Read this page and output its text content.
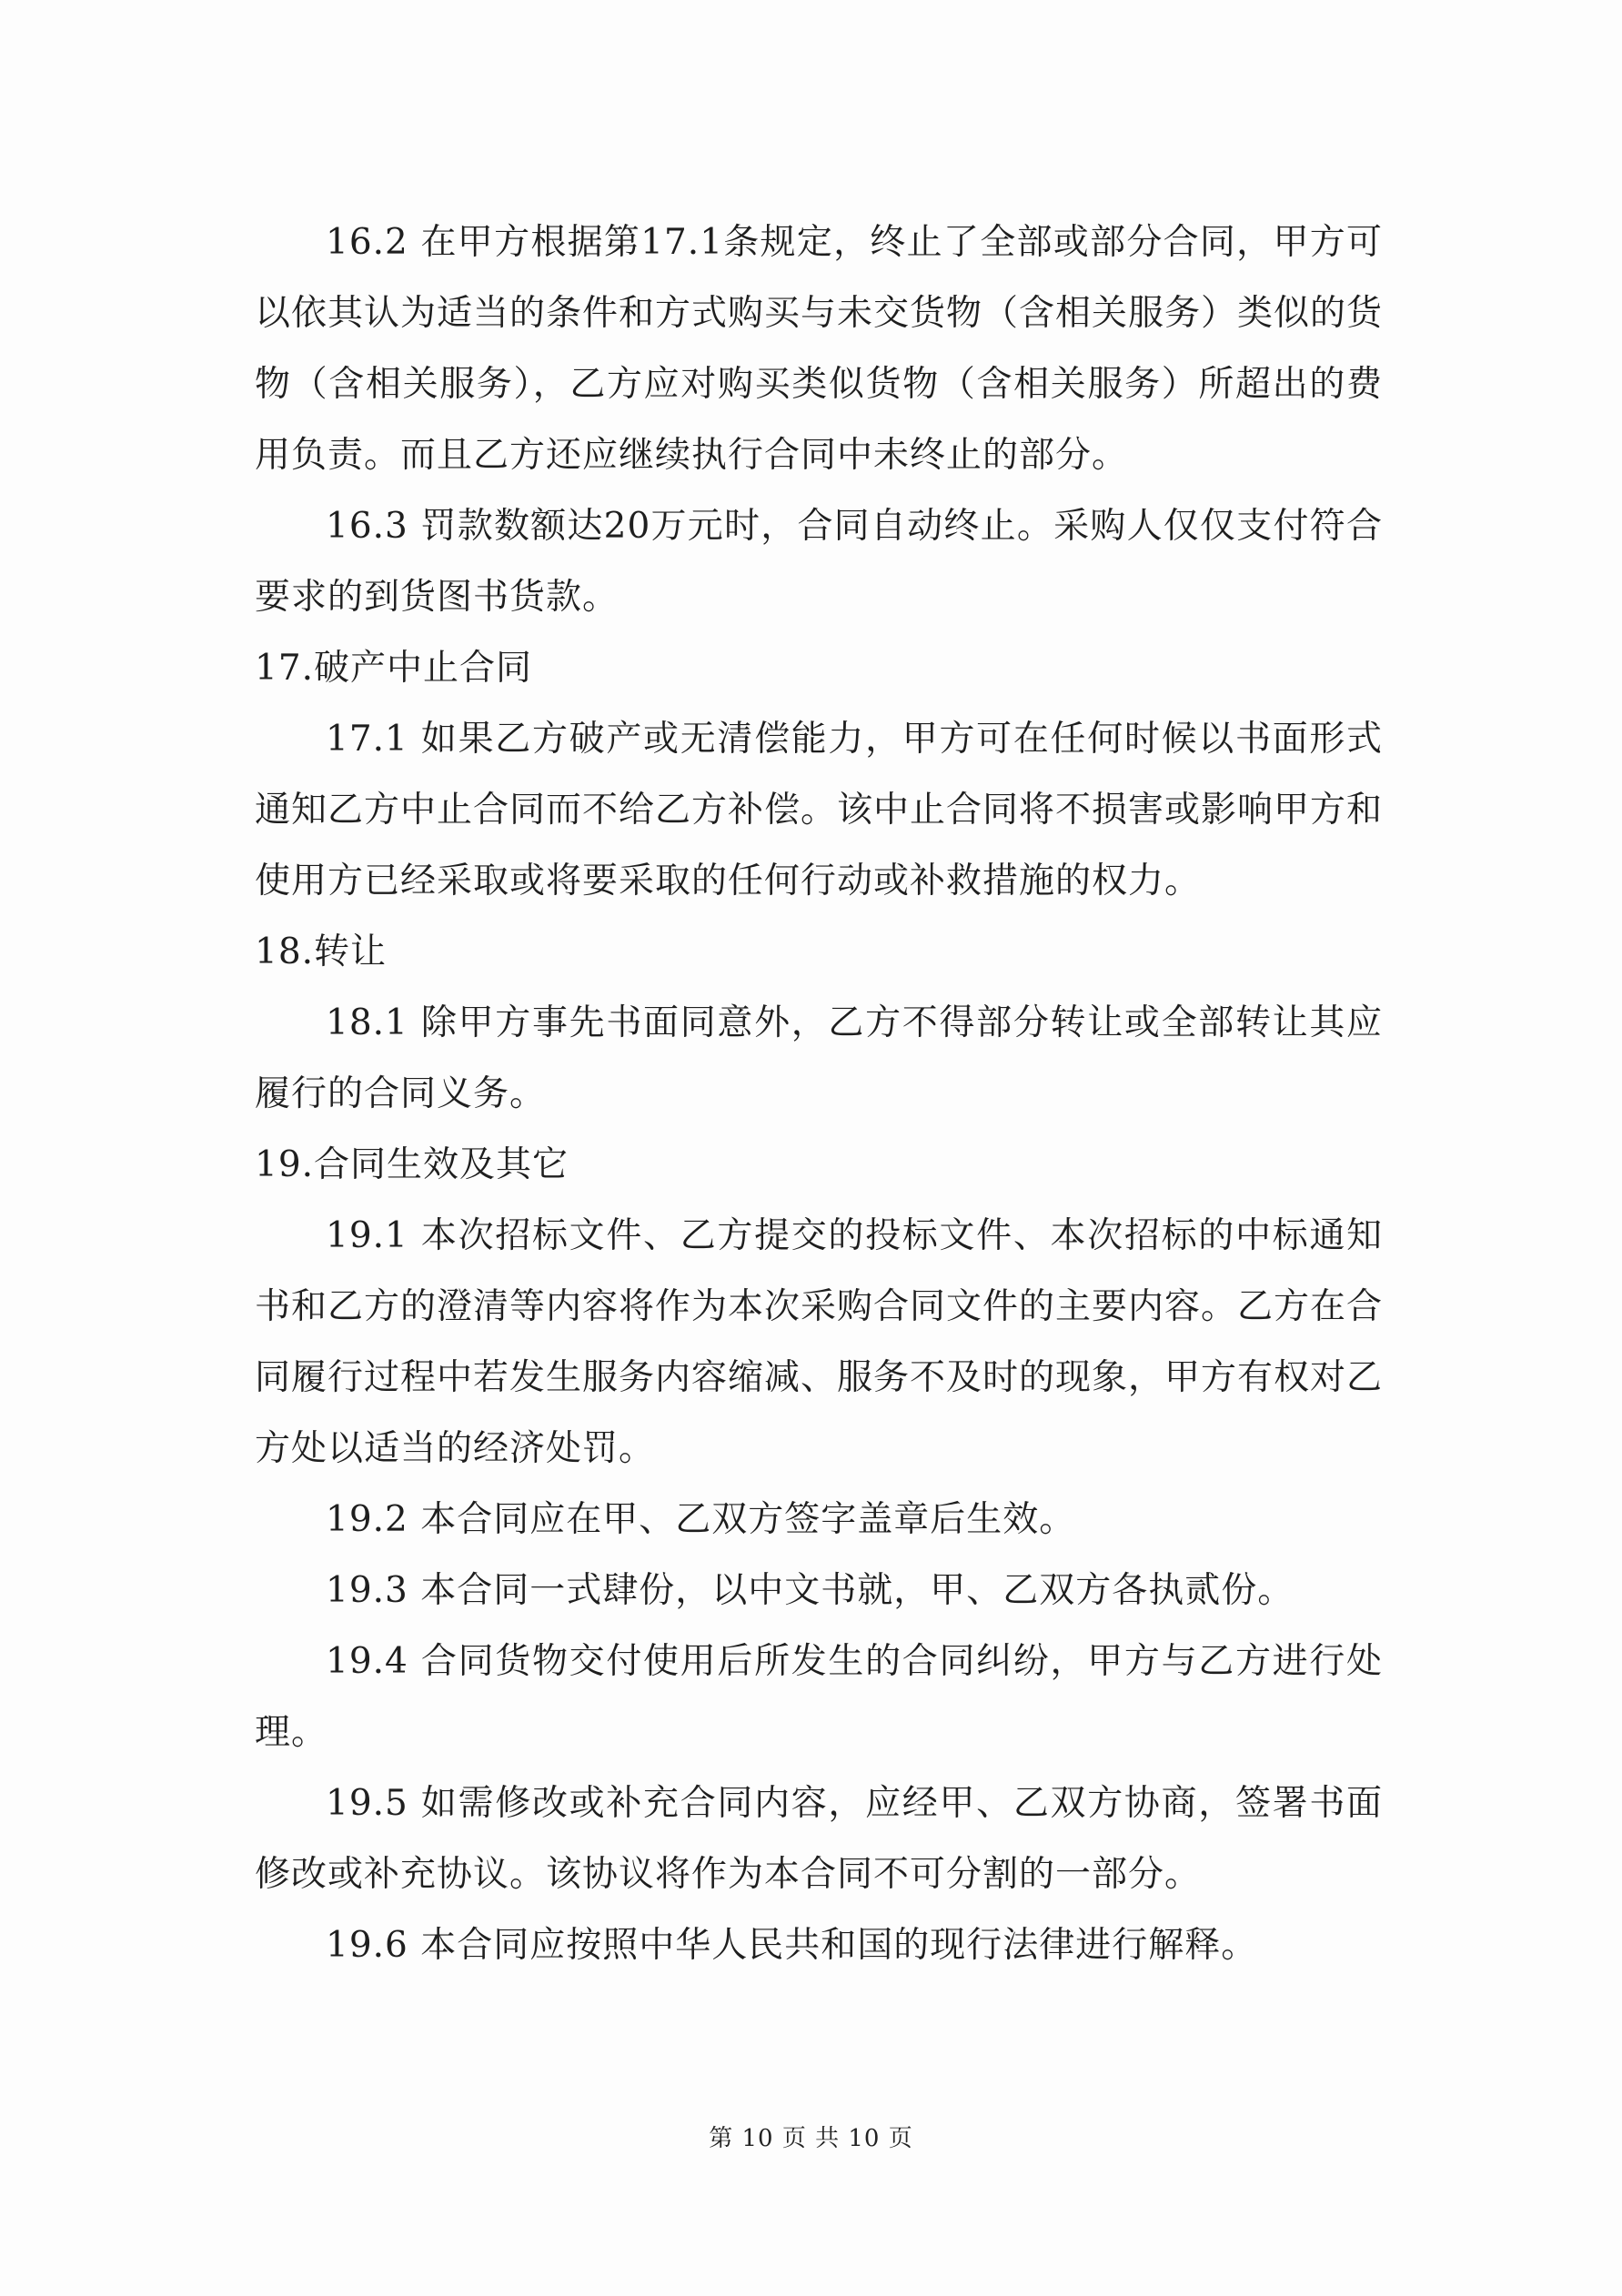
16.2 在甲方根据第17.1条规定，终止了全部或部分合同，甲方可以依其认为适当的条件和方式购买与未交货物（含相关服务）类似的货物（含相关服务），乙方应对购买类似货物（含相关服务）所超出的费用负责。而且乙方还应继续执行合同中未终止的部分。

16.3 罚款数额达20万元时，合同自动终止。采购人仅仅支付符合要求的到货图书货款。

17.破产中止合同

17.1 如果乙方破产或无清偿能力，甲方可在任何时候以书面形式通知乙方中止合同而不给乙方补偿。该中止合同将不损害或影响甲方和使用方已经采取或将要采取的任何行动或补救措施的权力。

18.转让

18.1 除甲方事先书面同意外，乙方不得部分转让或全部转让其应履行的合同义务。

19.合同生效及其它

19.1 本次招标文件、乙方提交的投标文件、本次招标的中标通知书和乙方的澄清等内容将作为本次采购合同文件的主要内容。乙方在合同履行过程中若发生服务内容缩减、服务不及时的现象，甲方有权对乙方处以适当的经济处罚。

19.2 本合同应在甲、乙双方签字盖章后生效。

19.3 本合同一式肆份，以中文书就，甲、乙双方各执贰份。

19.4 合同货物交付使用后所发生的合同纠纷，甲方与乙方进行处理。

19.5 如需修改或补充合同内容，应经甲、乙双方协商，签署书面修改或补充协议。该协议将作为本合同不可分割的一部分。

19.6 本合同应按照中华人民共和国的现行法律进行解释。

第 10 页 共 10 页
